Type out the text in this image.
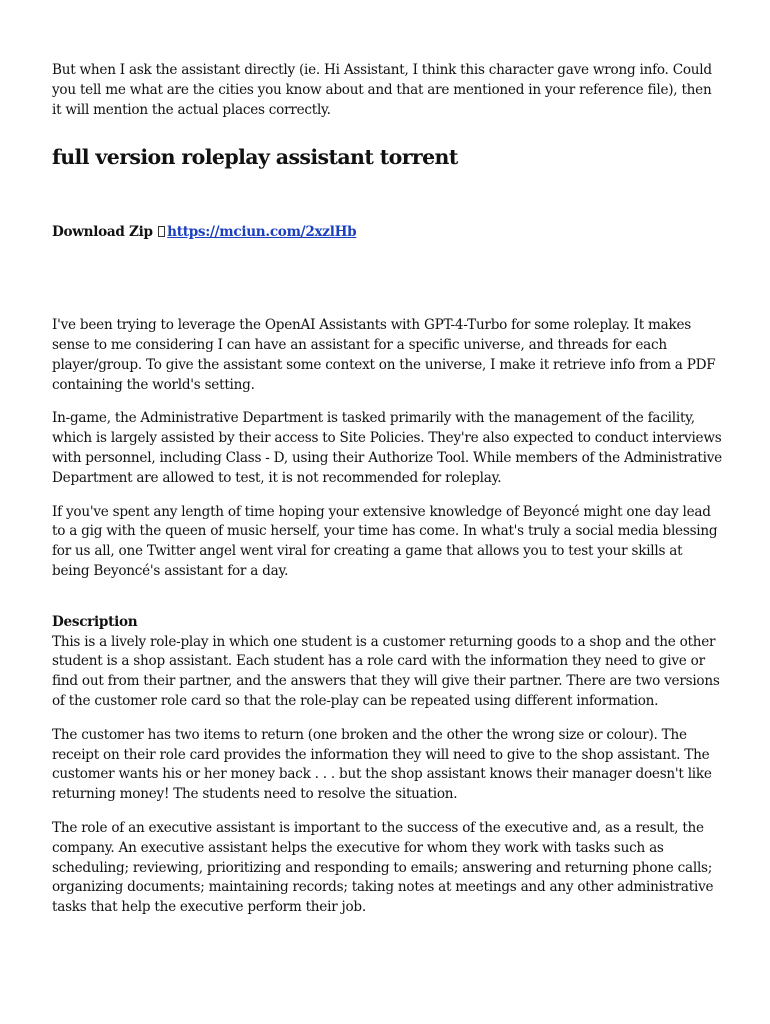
But when I ask the assistant directly (ie. Hi Assistant, I think this character gave wrong info. Could you tell me what are the cities you know about and that are mentioned in your reference file), then it will mention the actual places correctly.

full version roleplay assistant torrent
Download Zip https://mciun.com/2xzlHb

I've been trying to leverage the OpenAI Assistants with GPT-4-Turbo for some roleplay. It makes sense to me considering I can have an assistant for a specific universe, and threads for each player/group. To give the assistant some context on the universe, I make it retrieve info from a PDF containing the world's setting.

In-game, the Administrative Department is tasked primarily with the management of the facility, which is largely assisted by their access to Site Policies. They're also expected to conduct interviews with personnel, including Class - D, using their Authorize Tool. While members of the Administrative Department are allowed to test, it is not recommended for roleplay.

If you've spent any length of time hoping your extensive knowledge of Beyoncé might one day lead to a gig with the queen of music herself, your time has come. In what's truly a social media blessing for us all, one Twitter angel went viral for creating a game that allows you to test your skills at being Beyoncé's assistant for a day.

Description

This is a lively role-play in which one student is a customer returning goods to a shop and the other student is a shop assistant. Each student has a role card with the information they need to give or find out from their partner, and the answers that they will give their partner. There are two versions of the customer role card so that the role-play can be repeated using different information.

The customer has two items to return (one broken and the other the wrong size or colour). The receipt on their role card provides the information they will need to give to the shop assistant. The customer wants his or her money back . . . but the shop assistant knows their manager doesn't like returning money! The students need to resolve the situation.

The role of an executive assistant is important to the success of the executive and, as a result, the company. An executive assistant helps the executive for whom they work with tasks such as scheduling; reviewing, prioritizing and responding to emails; answering and returning phone calls; organizing documents; maintaining records; taking notes at meetings and any other administrative tasks that help the executive perform their job.
